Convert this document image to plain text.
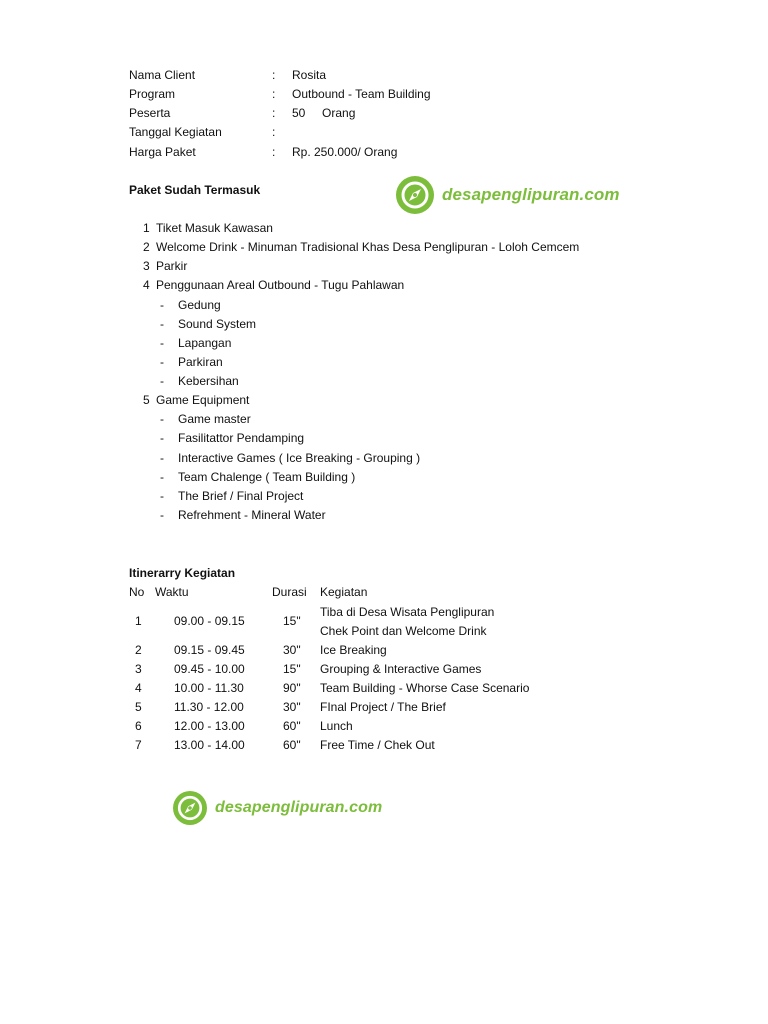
Nama Client	: Rosita
Program	: Outbound - Team Building
Peserta	: 50     Orang
Tanggal Kegiatan	:
Harga Paket	: Rp. 250.000/ Orang
Paket Sudah Termasuk	desapenglipuran.com
1 Tiket Masuk Kawasan
2 Welcome Drink - Minuman Tradisional Khas Desa Penglipuran - Loloh Cemcem
3 Parkir
4 Penggunaan Areal Outbound - Tugu Pahlawan
- Gedung
- Sound System
- Lapangan
- Parkiran
- Kebersihan
5 Game Equipment
- Game master
- Fasilitattor Pendamping
- Interactive Games ( Ice Breaking - Grouping )
- Team Chalenge ( Team Building )
- The Brief / Final Project
- Refrehment - Mineral Water
Itinerarry Kegiatan
No Waktu	Durasi Kegiatan
1	09.00 - 09.15	15"
Tiba di Desa Wisata Penglipuran
Chek Point dan Welcome Drink
2	09.15 - 09.45	30" Ice Breaking
3	09.45 - 10.00	15" Grouping & Interactive Games
4	10.00 - 11.30	90" Team Building - Whorse Case Scenario
5	11.30 - 12.00	30" FInal Project / The Brief
6	12.00 - 13.00	60" Lunch
7	13.00 - 14.00	60" Free Time / Chek Out
desapenglipuran.com
